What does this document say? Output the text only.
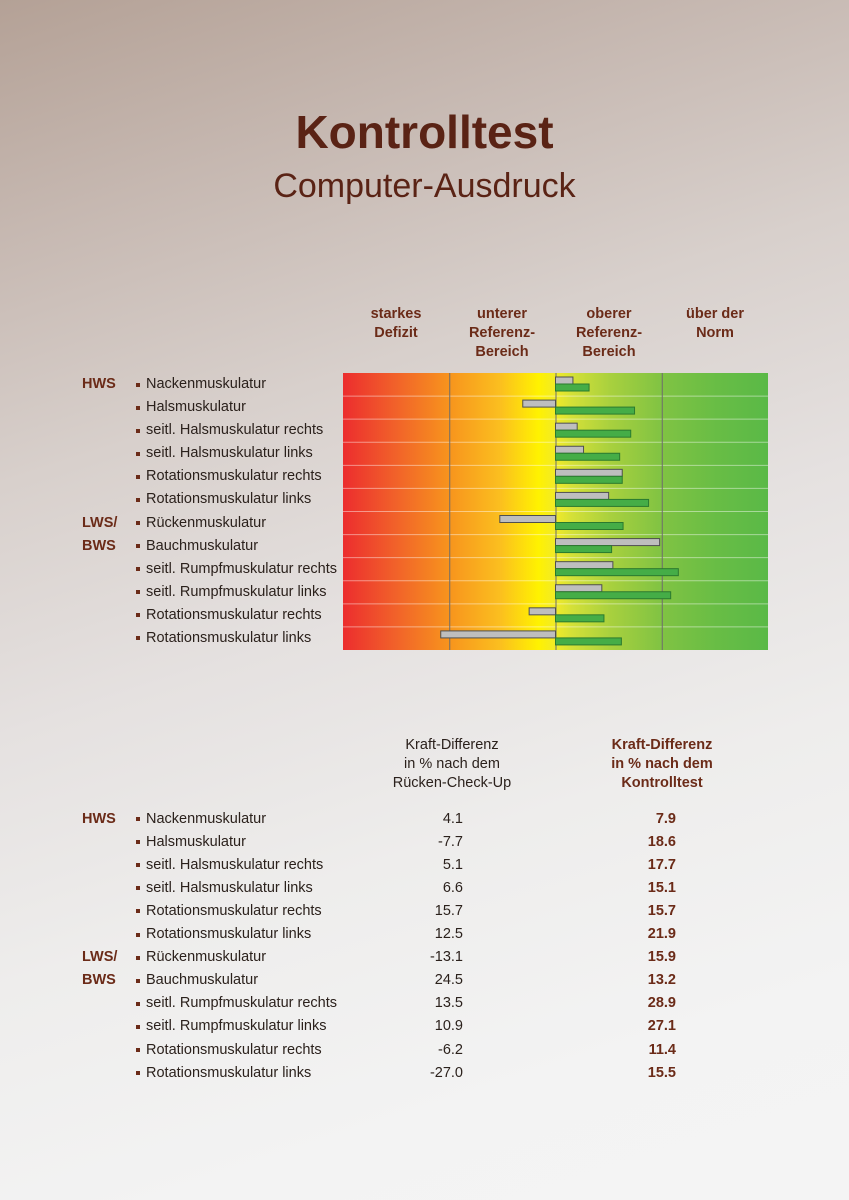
Kontrolltest
Computer-Ausdruck
starkes
Defizit
unterer
Referenz-
Bereich
oberer
Referenz-
Bereich
über der
Norm
Nackenmuskulatur
Halsmuskulatur
seitl. Halsmuskulatur rechts
seitl. Halsmuskulatur links
Rotationsmuskulatur rechts
Rotationsmuskulatur links
Rückenmuskulatur
Bauchmuskulatur
seitl. Rumpfmuskulatur rechts
seitl. Rumpfmuskulatur links
Rotationsmuskulatur rechts
Rotationsmuskulatur links
HWS
LWS/
BWS
Kraft-Differenz
in % nach dem
Rücken-Check-Up
Kraft-Differenz
in % nach dem
Kontrolltest
Nackenmuskulatur	4.1	7.9
Halsmuskulatur	-7.7	18.6
seitl. Halsmuskulatur rechts	5.1	17.7
seitl. Halsmuskulatur links	6.6	15.1
Rotationsmuskulatur rechts	15.7	15.7
Rotationsmuskulatur links	12.5	21.9
Rückenmuskulatur	-13.1	15.9
Bauchmuskulatur	24.5	13.2
seitl. Rumpfmuskulatur rechts	13.5	28.9
seitl. Rumpfmuskulatur links	10.9	27.1
Rotationsmuskulatur rechts	-6.2	11.4
Rotationsmuskulatur links	-27.0	15.5
HWS
LWS/
BWS
